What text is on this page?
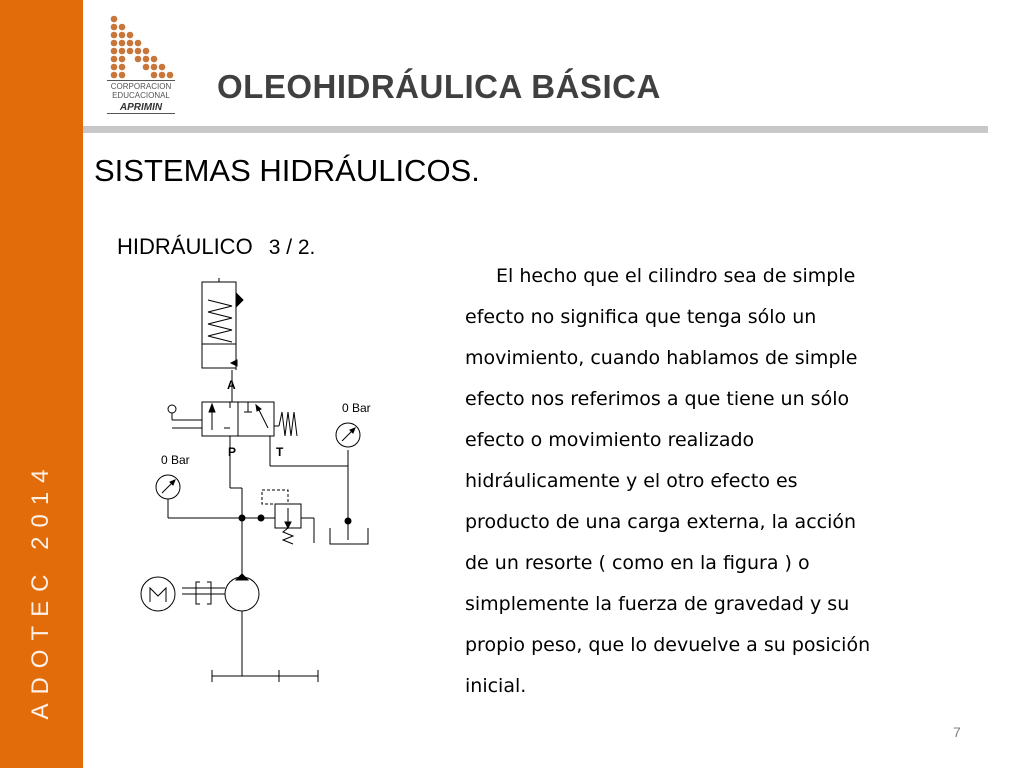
ADOTEC 2014
CORPORACION
EDUCACIONAL
APRIMIN
OLEOHIDRÁULICA BÁSICA
SISTEMAS HIDRÁULICOS.
HIDRÁULICO 3 / 2.
A
P	T
0 Bar
0 Bar

El hecho que el cilindro sea de simple
efecto no significa que tenga sólo un
movimiento, cuando hablamos de simple
efecto nos referimos a que tiene un sólo
efecto o movimiento realizado
hidráulicamente y el otro efecto es
producto de una carga externa, la acción
de un resorte ( como en la figura ) o
simplemente la fuerza de gravedad y su
propio peso, que lo devuelve a su posición
inicial.

7
